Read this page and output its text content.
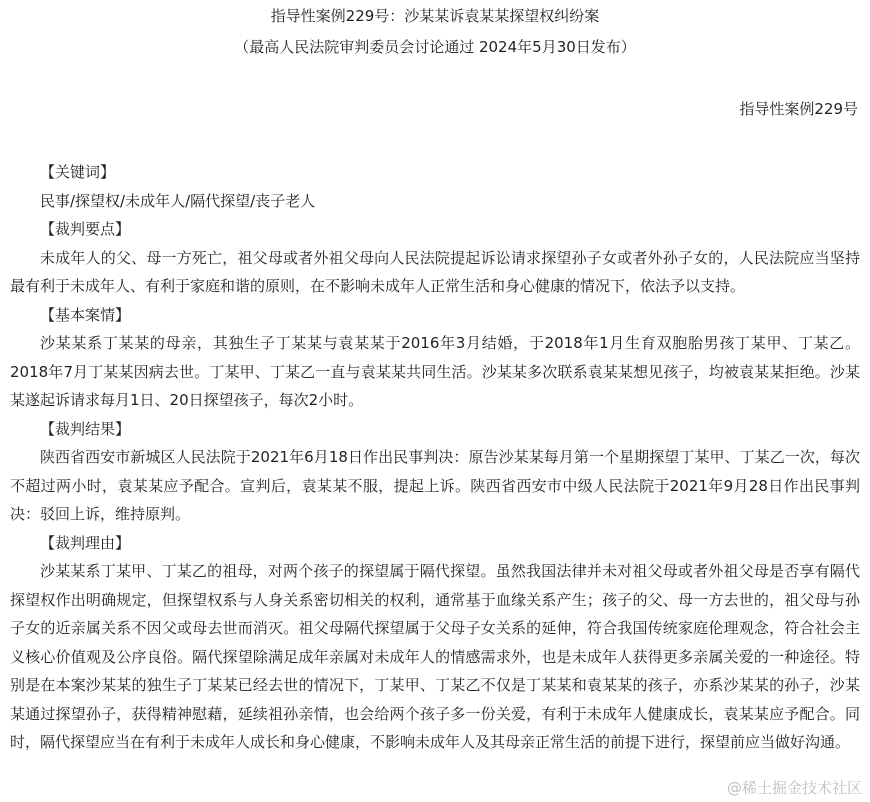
指导性案例229号：沙某某诉袁某某探望权纠纷案
（最高人民法院审判委员会讨论通过 2024年5月30日发布）
指导性案例229号

【关键词】

民事/探望权/未成年人/隔代探望/丧子老人

【裁判要点】

未成年人的父、母一方死亡，祖父母或者外祖父母向人民法院提起诉讼请求探望孙子女或者外孙子女的，人民法院应当坚持最有利于未成年人、有利于家庭和谐的原则，在不影响未成年人正常生活和身心健康的情况下，依法予以支持。

【基本案情】

沙某某系丁某某的母亲，其独生子丁某某与袁某某于2016年3月结婚，于2018年1月生育双胞胎男孩丁某甲、丁某乙。2018年7月丁某某因病去世。丁某甲、丁某乙一直与袁某某共同生活。沙某某多次联系袁某某想见孩子，均被袁某某拒绝。沙某某遂起诉请求每月1日、20日探望孩子，每次2小时。

【裁判结果】

陕西省西安市新城区人民法院于2021年6月18日作出民事判决：原告沙某某每月第一个星期探望丁某甲、丁某乙一次，每次不超过两小时，袁某某应予配合。宣判后，袁某某不服，提起上诉。陕西省西安市中级人民法院于2021年9月28日作出民事判决：驳回上诉，维持原判。

【裁判理由】

沙某某系丁某甲、丁某乙的祖母，对两个孩子的探望属于隔代探望。虽然我国法律并未对祖父母或者外祖父母是否享有隔代探望权作出明确规定，但探望权系与人身关系密切相关的权利，通常基于血缘关系产生；孩子的父、母一方去世的，祖父母与孙子女的近亲属关系不因父或母去世而消灭。祖父母隔代探望属于父母子女关系的延伸，符合我国传统家庭伦理观念，符合社会主义核心价值观及公序良俗。隔代探望除满足成年亲属对未成年人的情感需求外，也是未成年人获得更多亲属关爱的一种途径。特别是在本案沙某某的独生子丁某某已经去世的情况下，丁某甲、丁某乙不仅是丁某某和袁某某的孩子，亦系沙某某的孙子，沙某某通过探望孙子，获得精神慰藉，延续祖孙亲情，也会给两个孩子多一份关爱，有利于未成年人健康成长，袁某某应予配合。同时，隔代探望应当在有利于未成年人成长和身心健康，不影响未成年人及其母亲正常生活的前提下进行，探望前应当做好沟通。

@稀土掘金技术社区
